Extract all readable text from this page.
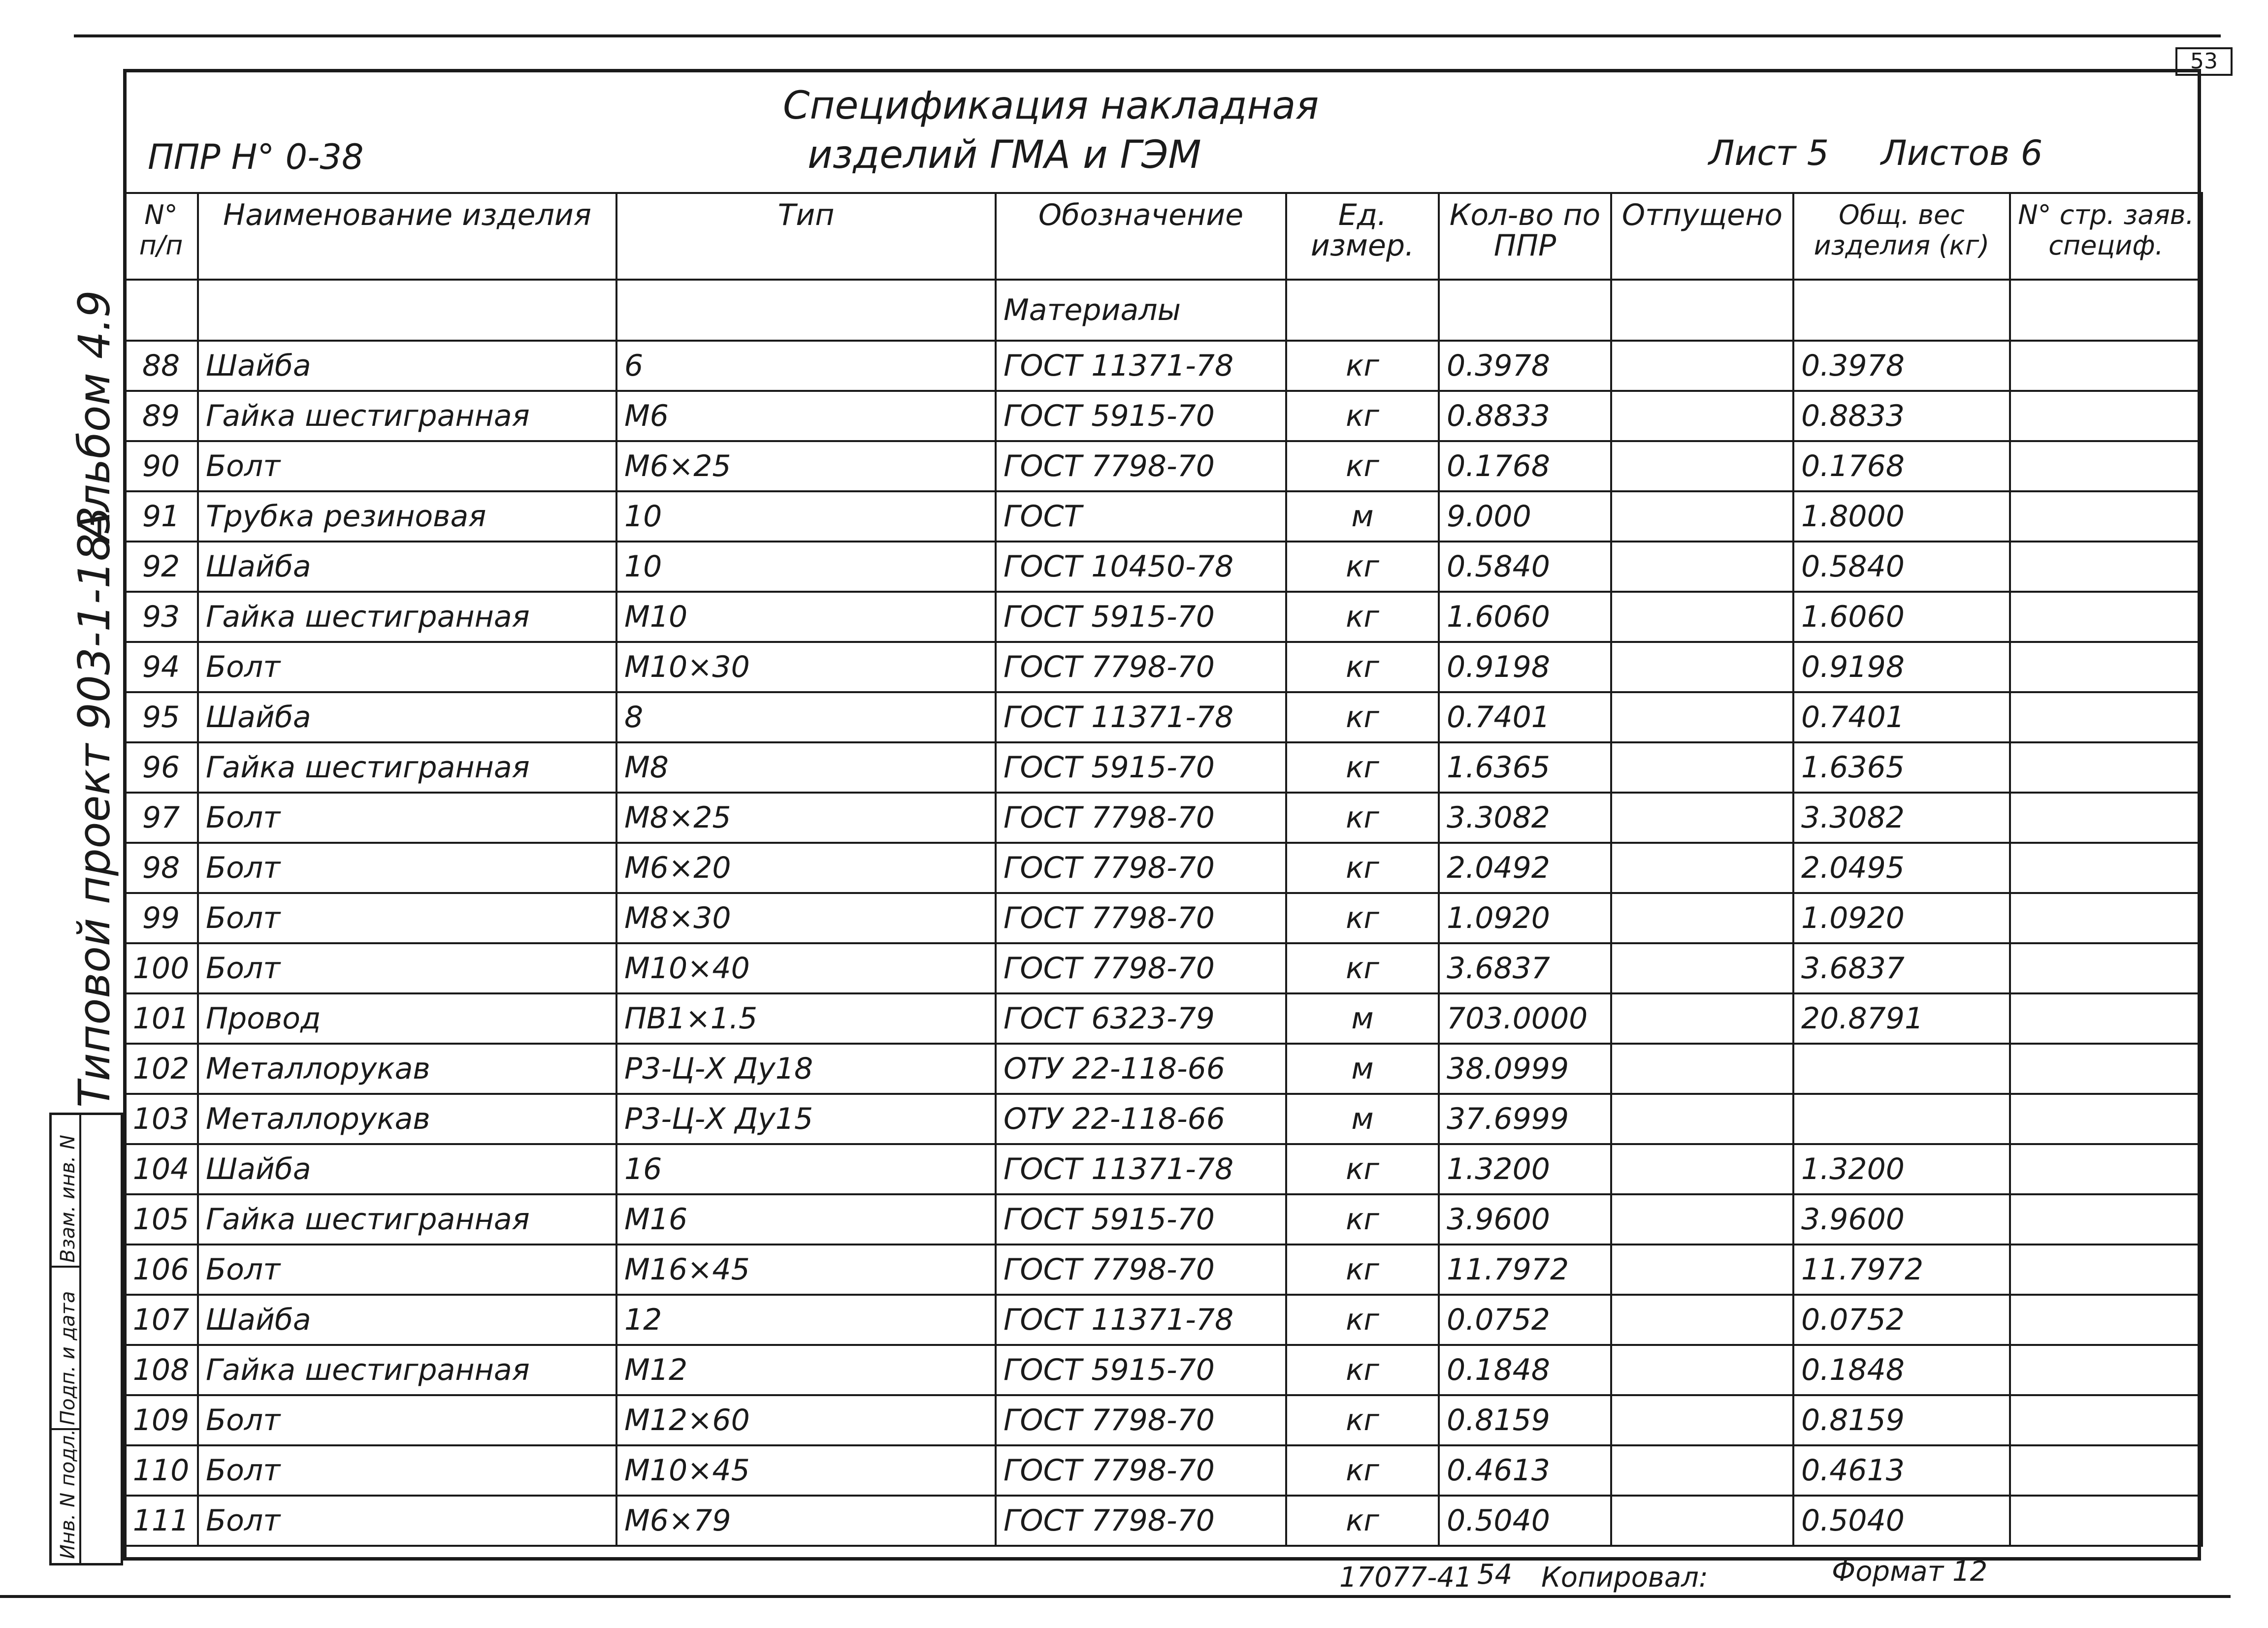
53
Спецификация накладная
изделий ГМА и ГЭМ
ППР Н° 0-38	Лист 5 Листов 6
N° п/п	Наименование изделия	Тип	Обозначение	Ед. измер.	Кол-во по ППР	Отпущено	Общ. вес изделия (кг)	N° стр. заяв. специф.
			Материалы					
88	Шайба	6	ГОСТ 11371-78	кг	0.3978		0.3978	
89	Гайка шестигранная	М6	ГОСТ 5915-70	кг	0.8833		0.8833	
90	Болт	М6×25	ГОСТ 7798-70	кг	0.1768		0.1768	
91	Трубка резиновая	10	ГОСТ	м	9.000		1.8000	
92	Шайба	10	ГОСТ 10450-78	кг	0.5840		0.5840	
93	Гайка шестигранная	М10	ГОСТ 5915-70	кг	1.6060		1.6060	
94	Болт	М10×30	ГОСТ 7798-70	кг	0.9198		0.9198	
95	Шайба	8	ГОСТ 11371-78	кг	0.7401		0.7401	
96	Гайка шестигранная	М8	ГОСТ 5915-70	кг	1.6365		1.6365	
97	Болт	М8×25	ГОСТ 7798-70	кг	3.3082		3.3082	
98	Болт	М6×20	ГОСТ 7798-70	кг	2.0492		2.0495	
99	Болт	М8×30	ГОСТ 7798-70	кг	1.0920		1.0920	
100	Болт	М10×40	ГОСТ 7798-70	кг	3.6837		3.6837	
101	Провод	ПВ1×1.5	ГОСТ 6323-79	м	703.0000		20.8791	
102	Металлорукав	Р3-Ц-Х Ду18	ОТУ 22-118-66	м	38.0999			
103	Металлорукав	Р3-Ц-Х Ду15	ОТУ 22-118-66	м	37.6999			
104	Шайба	16	ГОСТ 11371-78	кг	1.3200		1.3200	
105	Гайка шестигранная	М16	ГОСТ 5915-70	кг	3.9600		3.9600	
106	Болт	М16×45	ГОСТ 7798-70	кг	11.7972		11.7972	
107	Шайба	12	ГОСТ 11371-78	кг	0.0752		0.0752	
108	Гайка шестигранная	М12	ГОСТ 5915-70	кг	0.1848		0.1848	
109	Болт	М12×60	ГОСТ 7798-70	кг	0.8159		0.8159	
110	Болт	М10×45	ГОСТ 7798-70	кг	0.4613		0.4613	
111	Болт	М6×79	ГОСТ 7798-70	кг	0.5040		0.5040	
Альбом 4.9
Типовой проект 903-1-183
Взам. инв. N
Подп. и дата
Инв. N подл.
17077-41 54 Копировал:	Формат 12
